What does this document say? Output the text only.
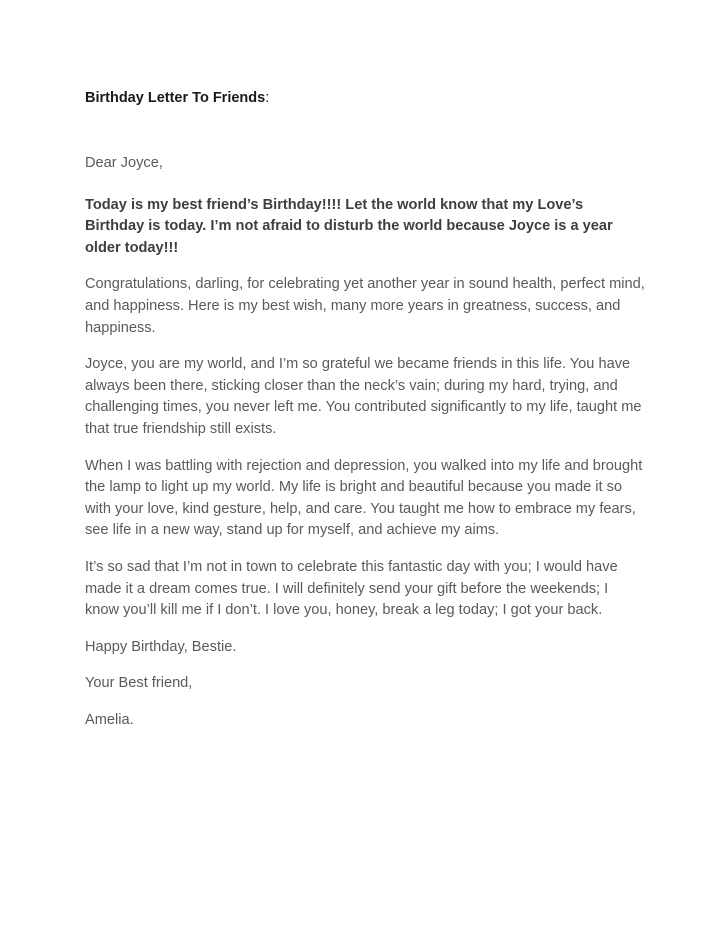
Birthday Letter To Friends:

Dear Joyce,

Today is my best friend’s Birthday!!!! Let the world know that my Love’s Birthday is today. I’m not afraid to disturb the world because Joyce is a year older today!!!

Congratulations, darling, for celebrating yet another year in sound health, perfect mind, and happiness. Here is my best wish, many more years in greatness, success, and happiness.

Joyce, you are my world, and I’m so grateful we became friends in this life. You have always been there, sticking closer than the neck’s vain; during my hard, trying, and challenging times, you never left me. You contributed significantly to my life, taught me that true friendship still exists.

When I was battling with rejection and depression, you walked into my life and brought the lamp to light up my world. My life is bright and beautiful because you made it so with your love, kind gesture, help, and care. You taught me how to embrace my fears, see life in a new way, stand up for myself, and achieve my aims.

It’s so sad that I’m not in town to celebrate this fantastic day with you; I would have made it a dream comes true. I will definitely send your gift before the weekends; I know you’ll kill me if I don’t. I love you, honey, break a leg today; I got your back.

Happy Birthday, Bestie.

Your Best friend,

Amelia.
